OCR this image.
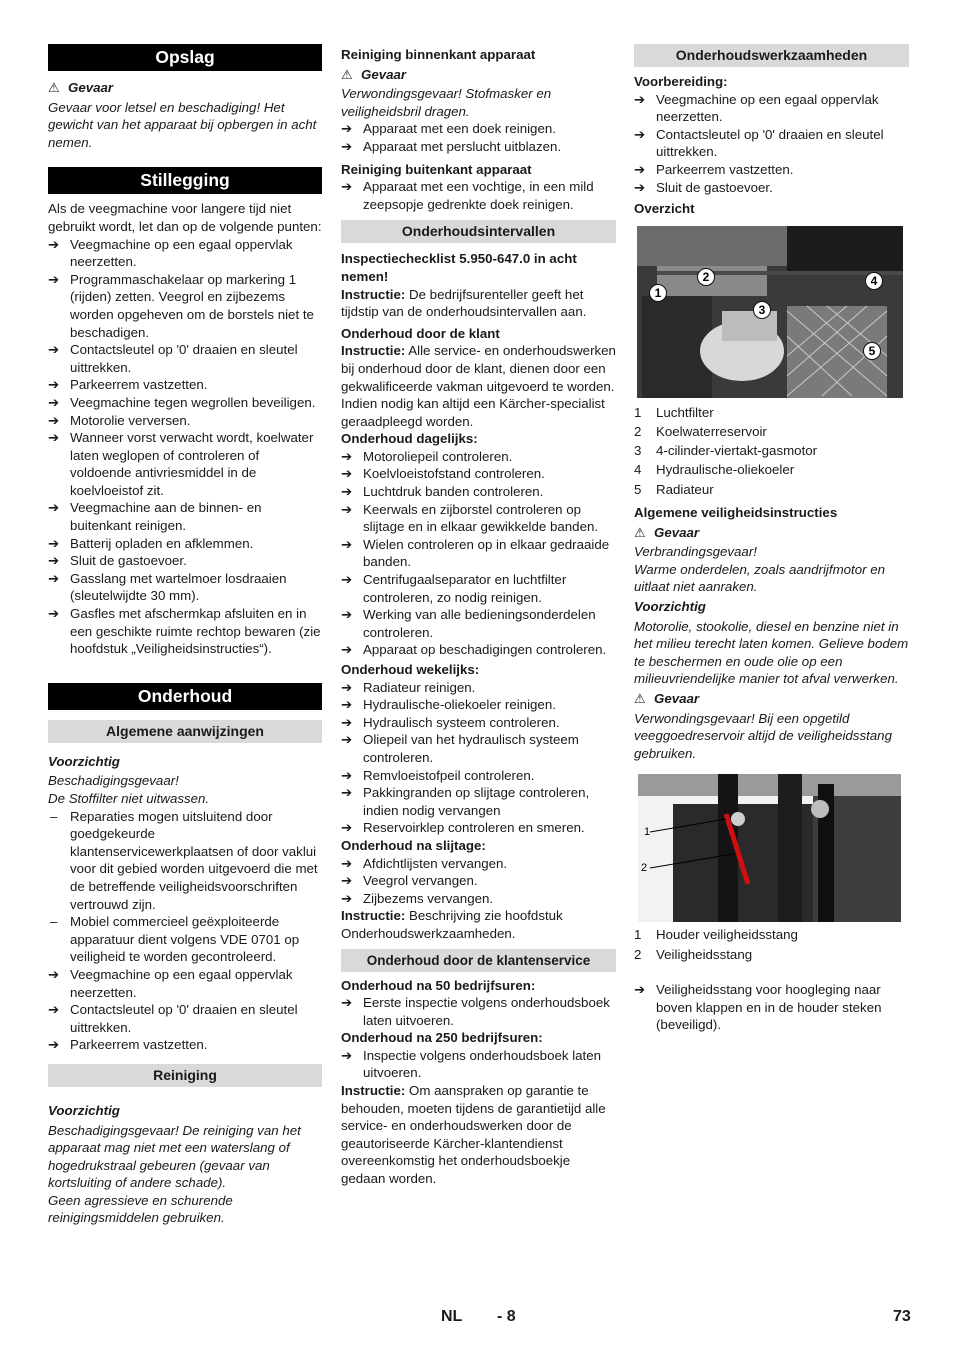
Opslag
⚠ Gevaar

Gevaar voor letsel en beschadiging! Het gewicht van het apparaat bij opbergen in acht nemen.

Stillegging

Als de veegmachine voor langere tijd niet gebruikt wordt, let dan op de volgende punten:

➔ Veegmachine op een egaal oppervlak neerzetten.
➔ Programmaschakelaar op markering 1 (rijden) zetten. Veegrol en zijbezems worden opgeheven om de borstels niet te beschadigen.
➔ Contactsleutel op '0' draaien en sleutel uittrekken.
➔ Parkeerrem vastzetten.
➔ Veegmachine tegen wegrollen beveiligen.
➔ Motorolie verversen.
➔ Wanneer vorst verwacht wordt, koelwater laten weglopen of controleren of voldoende antivriesmiddel in de koelvloeistof zit.
➔ Veegmachine aan de binnen- en buitenkant reinigen.
➔ Batterij opladen en afklemmen.
➔ Sluit de gastoevoer.
➔ Gasslang met wartelmoer losdraaien (sleutelwijdte 30 mm).
➔ Gasfles met afschermkap afsluiten en in een geschikte ruimte rechtop bewaren (zie hoofdstuk „Veiligheidsinstructies“).
Onderhoud
Algemene aanwijzingen

Voorzichtig

Beschadigingsgevaar!

De Stoffilter niet uitwassen.

– Reparaties mogen uitsluitend door goedgekeurde klantenservicewerkplaatsen of door vaklui voor dit gebied worden uitgevoerd die met de betreffende veiligheidsvoorschriften vertrouwd zijn.
– Mobiel commercieel geëxploiteerde apparatuur dient volgens VDE 0701 op veiligheid te worden gecontroleerd.
➔ Veegmachine op een egaal oppervlak neerzetten.
➔ Contactsleutel op '0' draaien en sleutel uittrekken.
➔ Parkeerrem vastzetten.
Reiniging

Voorzichtig

Beschadigingsgevaar! De reiniging van het apparaat mag niet met een waterslang of hogedrukstraal gebeuren (gevaar van kortsluiting of andere schade).

Geen agressieve en schurende reinigingsmiddelen gebruiken.

Reiniging binnenkant apparaat

⚠ Gevaar

Verwondingsgevaar! Stofmasker en veiligheidsbril dragen.

➔ Apparaat met een doek reinigen.
➔ Apparaat met perslucht uitblazen.

Reiniging buitenkant apparaat

➔ Apparaat met een vochtige, in een mild zeepsopje gedrenkte doek reinigen.
Onderhoudsintervallen

Inspectiechecklist 5.950-647.0 in acht nemen!

Instructie: De bedrijfsurenteller geeft het tijdstip van de onderhoudsintervallen aan.

Onderhoud door de klant

Instructie: Alle service- en onderhoudswerken bij onderhoud door de klant, dienen door een gekwalificeerde vakman uitgevoerd te worden. Indien nodig kan altijd een Kärcher-specialist geraadpleegd worden.

Onderhoud dagelijks:

➔ Motoroliepeil controleren.
➔ Koelvloeistofstand controleren.
➔ Luchtdruk banden controleren.
➔ Keerwals en zijborstel controleren op slijtage en in elkaar gewikkelde banden.
➔ Wielen controleren op in elkaar gedraaide banden.
➔ Centrifugaalseparator en luchtfilter controleren, zo nodig reinigen.
➔ Werking van alle bedieningsonderdelen controleren.
➔ Apparaat op beschadigingen controleren.

Onderhoud wekelijks:

➔ Radiateur reinigen.
➔ Hydraulische-oliekoeler reinigen.
➔ Hydraulisch systeem controleren.
➔ Oliepeil van het hydraulisch systeem controleren.
➔ Remvloeistofpeil controleren.
➔ Pakkingranden op slijtage controleren, indien nodig vervangen
➔ Reservoirklep controleren en smeren.

Onderhoud na slijtage:

➔ Afdichtlijsten vervangen.
➔ Veegrol vervangen.
➔ Zijbezems vervangen.

Instructie: Beschrijving zie hoofdstuk Onderhoudswerkzaamheden.

Onderhoud door de klantenservice

Onderhoud na 50 bedrijfsuren:

➔ Eerste inspectie volgens onderhoudsboek laten uitvoeren.

Onderhoud na 250 bedrijfsuren:

➔ Inspectie volgens onderhoudsboek laten uitvoeren.

Instructie: Om aanspraken op garantie te behouden, moeten tijdens de garantietijd alle service- en onderhoudswerken door de geautoriseerde Kärcher-klantendienst overeenkomstig het onderhoudsboekje gedaan worden.

Onderhoudswerkzaamheden

Voorbereiding:

➔ Veegmachine op een egaal oppervlak neerzetten.
➔ Contactsleutel op '0' draaien en sleutel uittrekken.
➔ Parkeerrem vastzetten.
➔ Sluit de gastoevoer.

Overzicht

1
2
3
4
5
1 Luchtfilter
2 Koelwaterreservoir
3 4-cilinder-viertakt-gasmotor
4 Hydraulische-oliekoeler
5 Radiateur

Algemene veiligheidsinstructies

⚠ Gevaar

Verbrandingsgevaar!

Warme onderdelen, zoals aandrijfmotor en uitlaat niet aanraken.

Voorzichtig

Motorolie, stookolie, diesel en benzine niet in het milieu terecht laten komen. Gelieve bodem te beschermen en oude olie op een milieuvriendelijke manier tot afval verwerken.

⚠ Gevaar

Verwondingsgevaar! Bij een opgetild veeggoedreservoir altijd de veiligheidsstang gebruiken.

1
2
1 Houder veiligheidsstang
2 Veiligheidsstang
➔ Veiligheidsstang voor hoogleging naar boven klappen en in de houder steken (beveiligd).
NL - 8	73
